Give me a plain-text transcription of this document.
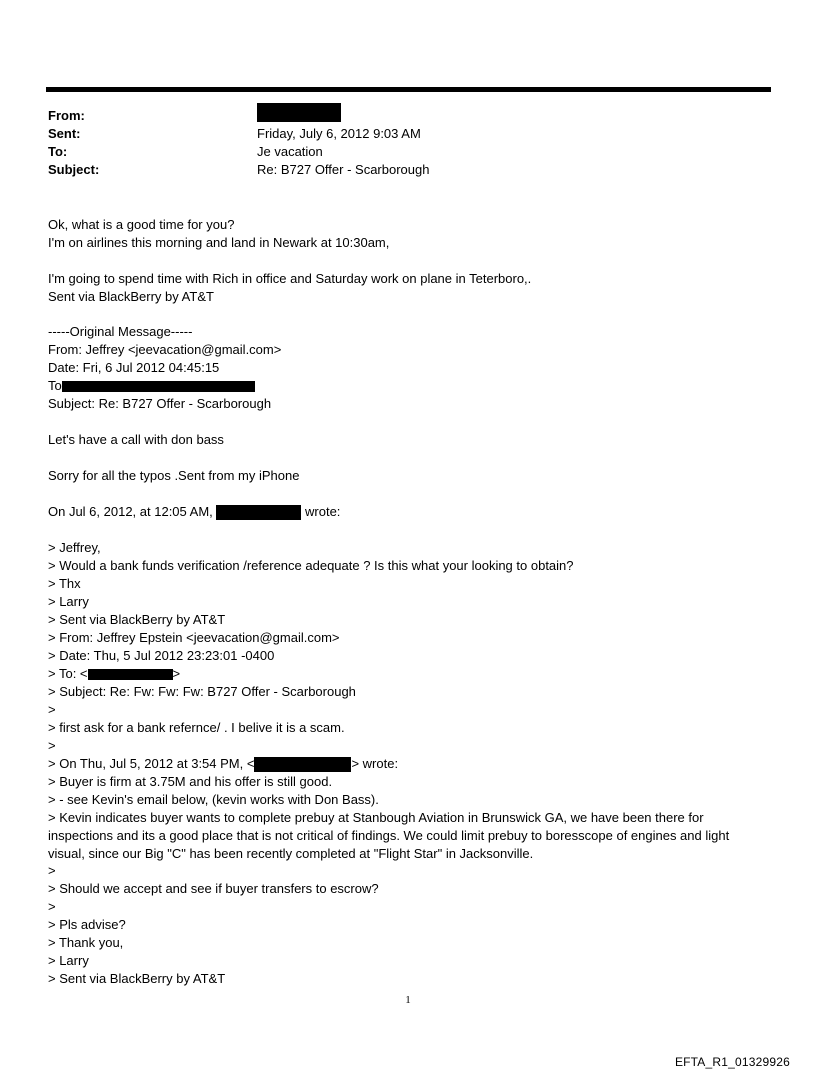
From:
Sent:	Friday, July 6, 2012 9:03 AM
To:	Je vacation
Subject:	Re: B727 Offer - Scarborough
Ok, what is a good time for you?
I'm on airlines this morning and land in Newark at 10:30am,
I'm going to spend time with Rich in office and Saturday work on plane in Teterboro,.
Sent via BlackBerry by AT&T
-----Original Message-----
From: Jeffrey <jeevacation@gmail.com>
Date: Fri, 6 Jul 2012 04:45:15
To
Subject: Re: B727 Offer - Scarborough
Let's have a call with don bass
Sorry for all the typos .Sent from my iPhone
On Jul 6, 2012, at 12:05 AM,	wrote:
> Jeffrey,
> Would a bank funds verification /reference adequate ? Is this what your looking to obtain?
> Thx
> Larry
> Sent via BlackBerry by AT&T
> From: Jeffrey Epstein <jeevacation@gmail.com>
> Date: Thu, 5 Jul 2012 23:23:01 -0400
> To: <	>
> Subject: Re: Fw: Fw: Fw: B727 Offer - Scarborough
>
> first ask for a bank refernce/ . I belive it is a scam.
>
> On Thu, Jul 5, 2012 at 3:54 PM, <	> wrote:
> Buyer is firm at 3.75M and his offer is still good.
> - see Kevin's email below, (kevin works with Don Bass).
> Kevin indicates buyer wants to complete prebuy at Stanbough Aviation in Brunswick GA, we have been there for inspections and its a good place that is not critical of findings. We could limit prebuy to boresscope of engines and light visual, since our Big "C" has been recently completed at "Flight Star" in Jacksonville.
>
> Should we accept and see if buyer transfers to escrow?
>
> Pls advise?
> Thank you,
> Larry
> Sent via BlackBerry by AT&T
1
EFTA_R1_01329926
